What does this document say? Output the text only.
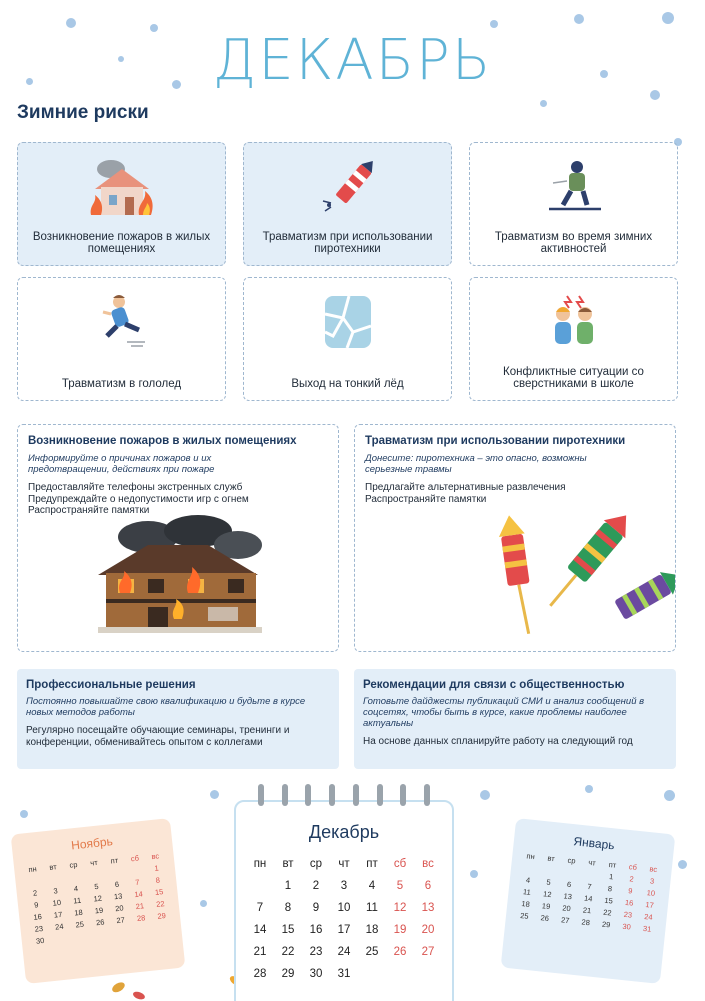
ДЕКАБРЬ
Зимние риски
Возникновение пожаров в жилых помещениях
Травматизм при использовании пиротехники
Травматизм во время зимних активностей
Травматизм в гололед	Выход на тонкий лёд
Конфликтные ситуации со сверстниками в школе
Возникновение пожаров в жилых помещениях
Информируйте о причинах пожаров и их предотвращении, действиях при пожаре
Предоставляйте телефоны экстренных служб
Предупреждайте о недопустимости игр с огнем
Распространяйте памятки
Травматизм при использовании пиротехники
Донесите: пиротехника – это опасно, возможны серьезные травмы
Предлагайте альтернативные развлечения
Распространяйте памятки
Профессиональные решения
Постоянно повышайте свою квалификацию и будьте в курсе новых методов работы
Регулярно посещайте обучающие семинары, тренинги и конференции, обменивайтесь опытом с коллегами
Рекомендации для связи с общественностью
Готовьте дайджесты публикаций СМИ и анализ сообщений в соцсетях, чтобы быть в курсе, какие проблемы наиболее актуальны
На основе данных спланируйте работу на следующий год
Ноябрь
пн	вт	ср	чт	пт	сб	вс
						1
2	3	4	5	6	7	8
9	10	11	12	13	14	15
16	17	18	19	20	21	22
23	24	25	26	27	28	29
30						
Январь
пн	вт	ср	чт	пт	сб	вс
				1	2	3
4	5	6	7	8	9	10
11	12	13	14	15	16	17
18	19	20	21	22	23	24
25	26	27	28	29	30	31
Декабрь
пн	вт	ср	чт	пт	сб	вс
	1	2	3	4	5	6
7	8	9	10	11	12	13
14	15	16	17	18	19	20
21	22	23	24	25	26	27
28	29	30	31			
